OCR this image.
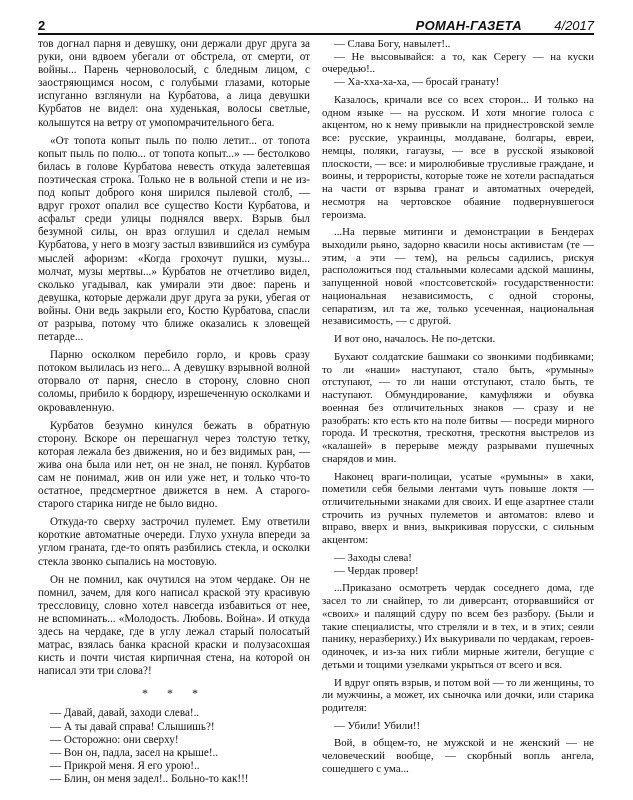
2	РОМАН-ГАЗЕТА 4/2017

тов догнал парня и девушку, они держали друг друга за руки, они вдвоем убегали от обстрела, от смерти, от войны... Парень черноволосый, с бледным лицом, с заостряющимся носом, с голубыми глазами, которые испуганно взглянули на Курбатова, а лица девушки Курбатов не видел: она худенькая, волосы светлые, колышутся на ветру от умопомрачительного бега.

«От топота копыт пыль по полю летит... от топота копыт пыль по полю... от топота копыт...» — бестолково билась в голове Курбатова невесть откуда залетевшая поэтическая строка. Только не в вольной степи и не из-под копыт доброго коня ширился пылевой столб, — вдруг грохот опалил все существо Кости Курбатова, и асфальт среди улицы поднялся вверх. Взрыв был безумной силы, он враз оглушил и сделал немым Курбатова, у него в мозгу застыл взвившийся из сумбура мыслей афоризм: «Когда грохочут пушки, музы... молчат, музы мертвы...» Курбатов не отчетливо видел, сколько угадывал, как умирали эти двое: парень и девушка, которые держали друг друга за руки, убегая от войны. Они ведь закрыли его, Костю Курбатова, спасли от разрыва, потому что ближе оказались к зловещей петарде...

Парню осколком перебило горло, и кровь сразу потоком вылилась из него... А девушку взрывной волной оторвало от парня, снесло в сторону, словно сноп соломы, прибило к бордюру, изрешеченную осколками и окровавленную.

Курбатов безумно кинулся бежать в обратную сторону. Вскоре он перешагнул через толстую тетку, которая лежала без движения, но и без видимых ран, — жива она была или нет, он не знал, не понял. Курбатов сам не понимал, жив он или уже нет, и только что-то остатное, предсмертное движется в нем. А старого-старого старика нигде не было видно.

Откуда-то сверху застрочил пулемет. Ему ответили короткие автоматные очереди. Глухо ухнула впереди за углом граната, где-то опять разбились стекла, и осколки стекла звонко сыпались на мостовую.

Он не помнил, как очутился на этом чердаке. Он не помнил, зачем, для кого написал краской эту красивую трессловицу, словно хотел навсегда избавиться от нее, не вспоминать... «Молодость. Любовь. Война». И откуда здесь на чердаке, где в углу лежал старый полосатый матрас, взялась банка красной краски и полузасохшая кисть и почти чистая кирпичная стена, на которой он написал эти три слова?!

* * *

— Давай, давай, заходи слева!..

— А ты давай справа! Слышишь?!

— Осторожно: они сверху!

— Вон он, падла, засел на крыше!..

— Прикрой меня. Я его урою!..

— Блин, он меня задел!.. Больно-то как!!!

— Слава Богу, навылет!..

— Не высовывайся: а то, как Серегу — на куски очередью!..

— Ха-хха-ха-ха, — бросай гранату!

Казалось, кричали все со всех сторон... И только на одном языке — на русском. И хотя многие голоса с акцентом, но к нему привыкли на приднестровской земле все: русские, украинцы, молдаване, болгары, евреи, немцы, поляки, гагаузы, — все в русской языковой плоскости, — все: и миролюбивые трусливые граждане, и воины, и террористы, которые тоже не хотели распадаться на части от взрыва гранат и автоматных очередей, несмотря на чертовское обаяние подвернувшегося героизма.

...На первые митинги и демонстрации в Бендерах выходили рьяно, задорно квасили носы активистам (те — этим, а эти — тем), на рельсы садились, рискуя расположиться под стальными колесами адской машины, запущенной новой «постсоветской» государственности: национальная независимость, с одной стороны, сепаратизм, ил та же, только усеченная, национальная независимость, — с другой.

И вот оно, началось. Не по-детски.

Бухают солдатские башмаки со звонкими подбивками; то ли «наши» наступают, стало быть, «румыны» отступают, — то ли наши отступают, стало быть, те наступают. Обмундирование, камуфляжи и обувка военная без отличительных знаков — сразу и не разобрать: кто есть кто на поле битвы — посреди мирного города. И трескотня, трескотня, трескотня выстрелов из «калашей» в перерыве между разрывами пушечных снарядов и мин.

Наконец враги-полицаи, усатые «румыны» в хаки, пометили себя белыми лентами чуть повыше локтя — отличительными знаками для своих. И еще азартнее стали строчить из ручных пулеметов и автоматов: влево и вправо, вверх и вниз, выкрикивая порусски, с сильным акцентом:

— Заходы слева!

— Чердак провер!

...Приказано осмотреть чердак соседнего дома, где засел то ли снайпер, то ли диверсант, оторвавшийся от «своих» и палящий сдуру по всем без разбору. (Были и такие специалисты, что стреляли и в тех, и в этих; сеяли панику, неразбериху.) Их выкуривали по чердакам, героев-одиночек, и из-за них гибли мирные жители, бегущие с детьми и тощими узелками укрыться от всего и вся.

И вдруг опять взрыв, и потом вой — то ли женщины, то ли мужчины, а может, их сыночка или дочки, или старика родителя:

— Убили! Убили!!

Вой, в общем-то, не мужской и не женский — не человеческий вообще, — скорбный вопль ангела, сошедшего с ума...
